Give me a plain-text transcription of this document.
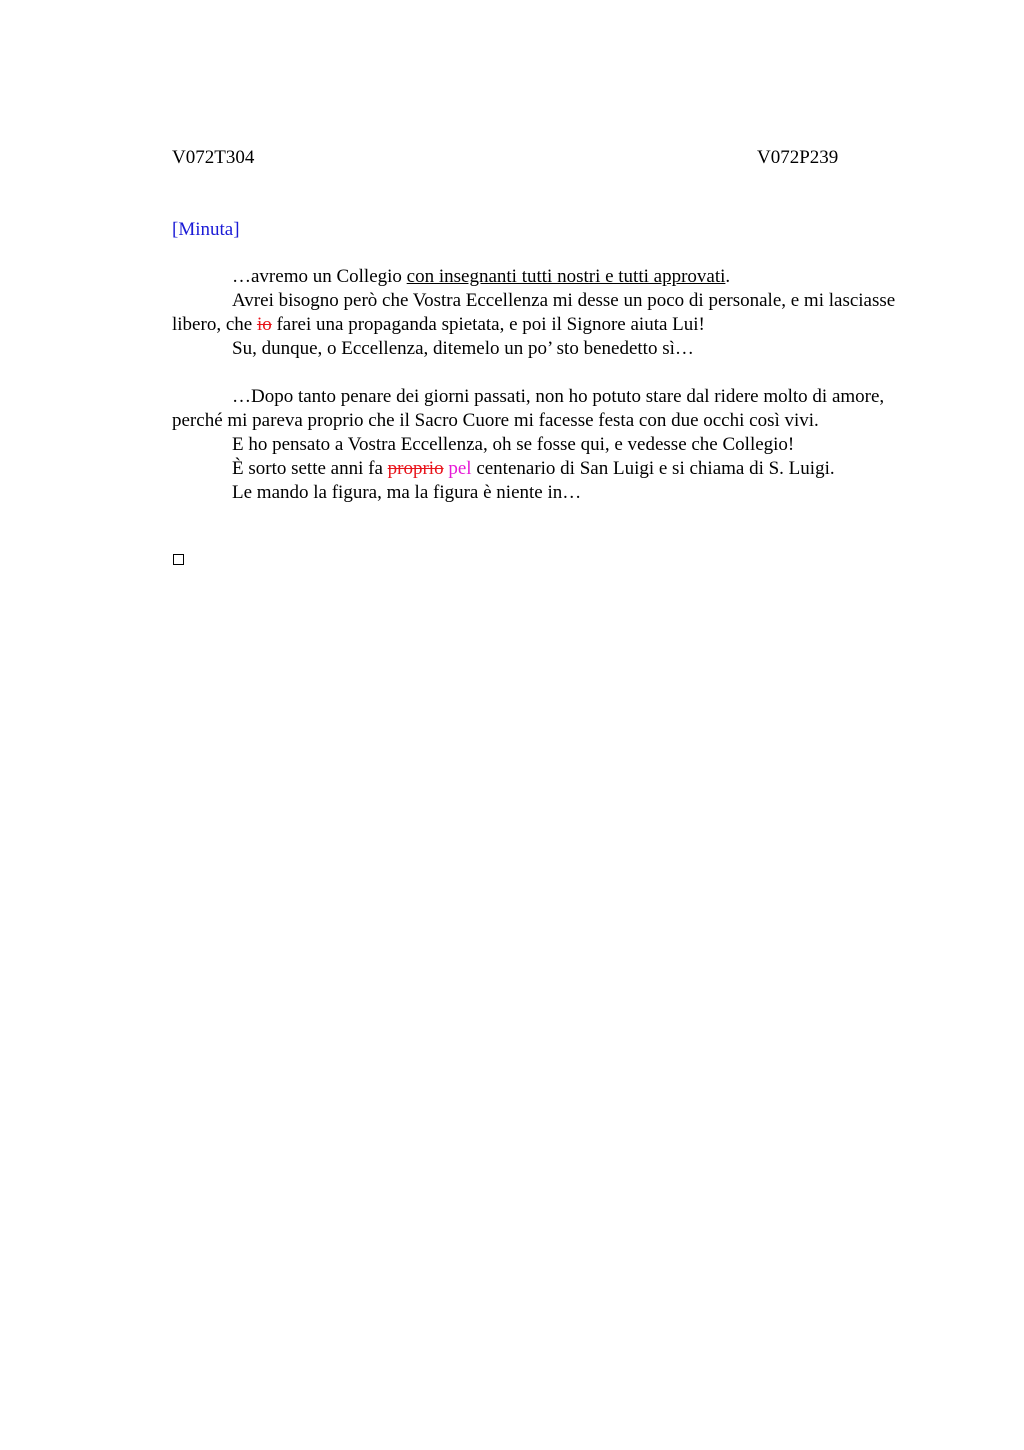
V072T304	V072P239
[Minuta]

…avremo un Collegio con insegnanti tutti nostri e tutti approvati.

Avrei bisogno però che Vostra Eccellenza mi desse un poco di personale, e mi lasciasse libero, che io farei una propaganda spietata, e poi il Signore aiuta Lui!

Su, dunque, o Eccellenza, ditemelo un po’ sto benedetto sì…

…Dopo tanto penare dei giorni passati, non ho potuto stare dal ridere molto di amore, perché mi pareva proprio che il Sacro Cuore mi facesse festa con due occhi così vivi.

E ho pensato a Vostra Eccellenza, oh se fosse qui, e vedesse che Collegio!

È sorto sette anni fa proprio pel centenario di San Luigi e si chiama di S. Luigi.

Le mando la figura, ma la figura è niente in…
